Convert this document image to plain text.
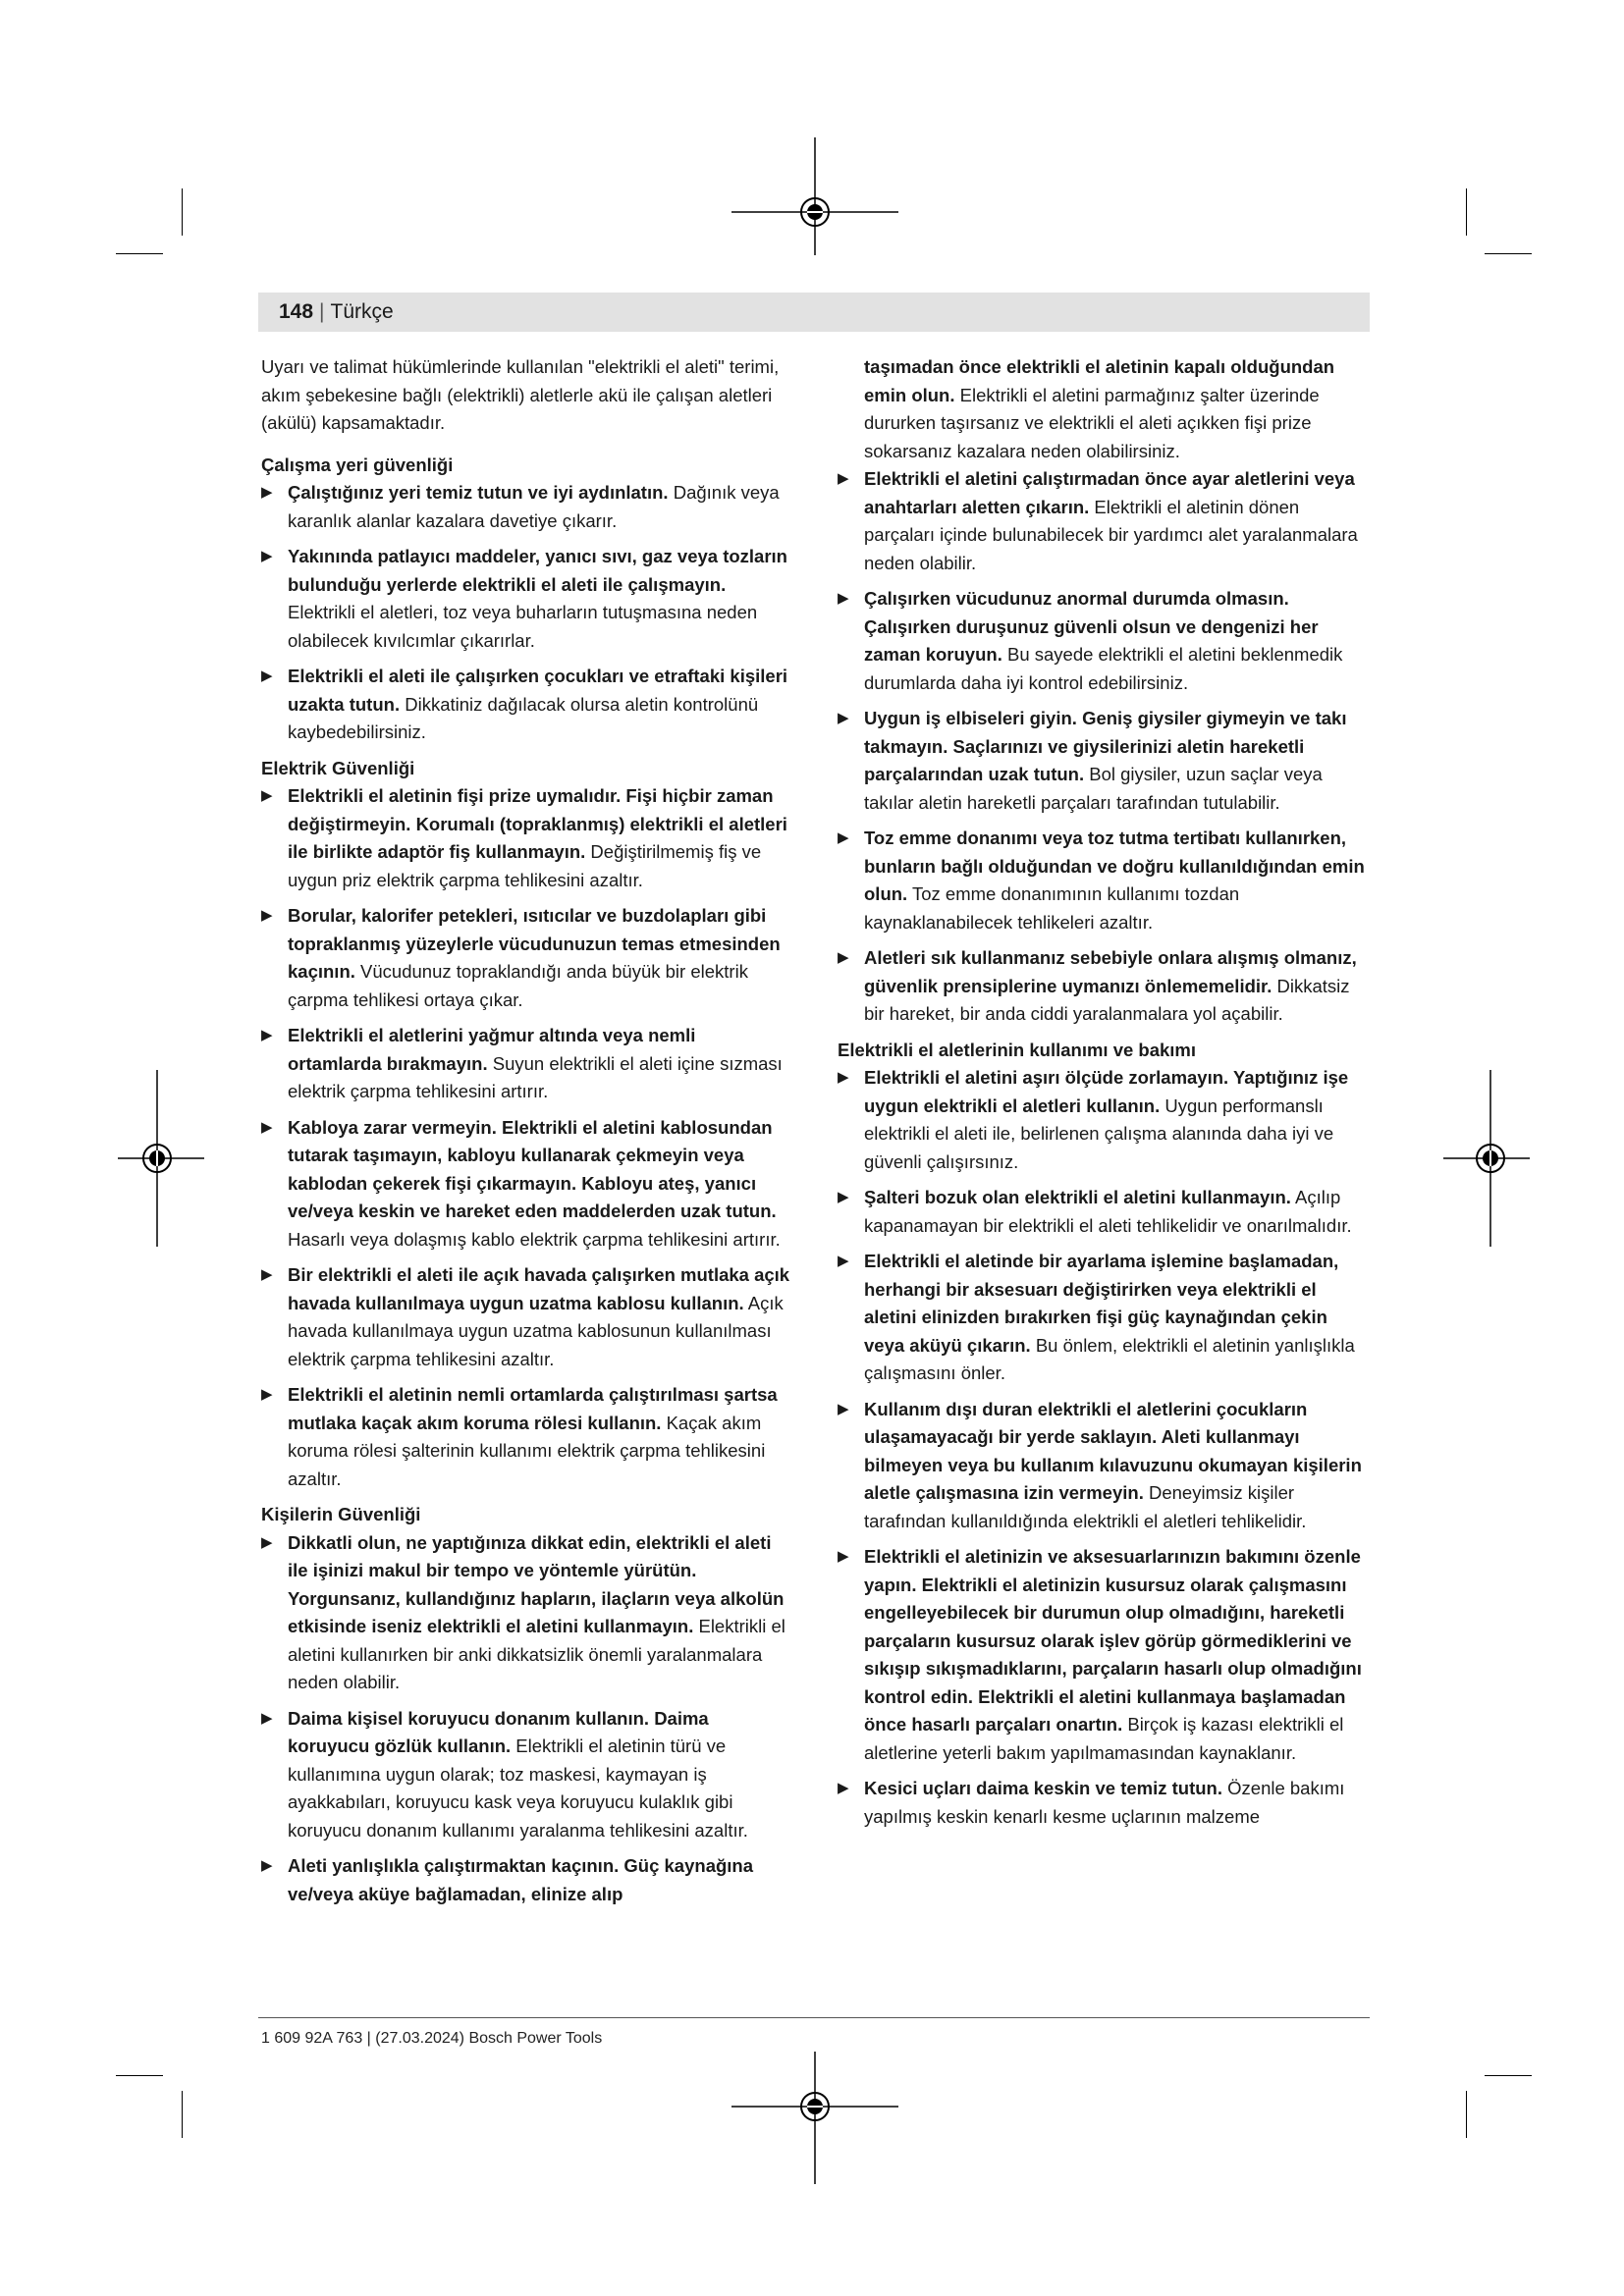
148 | Türkçe

Uyarı ve talimat hükümlerinde kullanılan "elektrikli el aleti" terimi, akım şebekesine bağlı (elektrikli) aletlerle akü ile çalışan aletleri (akülü) kapsamaktadır.

Çalışma yeri güvenliği

▶ Çalıştığınız yeri temiz tutun ve iyi aydınlatın. Dağınık veya karanlık alanlar kazalara davetiye çıkarır.
▶ Yakınında patlayıcı maddeler, yanıcı sıvı, gaz veya tozların bulunduğu yerlerde elektrikli el aleti ile çalışmayın. Elektrikli el aletleri, toz veya buharların tutuşmasına neden olabilecek kıvılcımlar çıkarırlar.
▶ Elektrikli el aleti ile çalışırken çocukları ve etraftaki kişileri uzakta tutun. Dikkatiniz dağılacak olursa aletin kontrolünü kaybedebilirsiniz.

Elektrik Güvenliği

▶ Elektrikli el aletinin fişi prize uymalıdır. Fişi hiçbir zaman değiştirmeyin. Korumalı (topraklanmış) elektrikli el aletleri ile birlikte adaptör fiş kullanmayın. Değiştirilmemiş fiş ve uygun priz elektrik çarpma tehlikesini azaltır.
▶ Borular, kalorifer petekleri, ısıtıcılar ve buzdolapları gibi topraklanmış yüzeylerle vücudunuzun temas etmesinden kaçının. Vücudunuz topraklandığı anda büyük bir elektrik çarpma tehlikesi ortaya çıkar.
▶ Elektrikli el aletlerini yağmur altında veya nemli ortamlarda bırakmayın. Suyun elektrikli el aleti içine sızması elektrik çarpma tehlikesini artırır.
▶ Kabloya zarar vermeyin. Elektrikli el aletini kablosundan tutarak taşımayın, kabloyu kullanarak çekmeyin veya kablodan çekerek fişi çıkarmayın. Kabloyu ateş, yanıcı ve/veya keskin ve hareket eden maddelerden uzak tutun. Hasarlı veya dolaşmış kablo elektrik çarpma tehlikesini artırır.
▶ Bir elektrikli el aleti ile açık havada çalışırken mutlaka açık havada kullanılmaya uygun uzatma kablosu kullanın. Açık havada kullanılmaya uygun uzatma kablosunun kullanılması elektrik çarpma tehlikesini azaltır.
▶ Elektrikli el aletinin nemli ortamlarda çalıştırılması şartsa mutlaka kaçak akım koruma rölesi kullanın. Kaçak akım koruma rölesi şalterinin kullanımı elektrik çarpma tehlikesini azaltır.

Kişilerin Güvenliği

▶ Dikkatli olun, ne yaptığınıza dikkat edin, elektrikli el aleti ile işinizi makul bir tempo ve yöntemle yürütün. Yorgunsanız, kullandığınız hapların, ilaçların veya alkolün etkisinde iseniz elektrikli el aletini kullanmayın. Elektrikli el aletini kullanırken bir anki dikkatsizlik önemli yaralanmalara neden olabilir.
▶ Daima kişisel koruyucu donanım kullanın. Daima koruyucu gözlük kullanın. Elektrikli el aletinin türü ve kullanımına uygun olarak; toz maskesi, kaymayan iş ayakkabıları, koruyucu kask veya koruyucu kulaklık gibi koruyucu donanım kullanımı yaralanma tehlikesini azaltır.
▶ Aleti yanlışlıkla çalıştırmaktan kaçının. Güç kaynağına ve/veya aküye bağlamadan, elinize alıp

taşımadan önce elektrikli el aletinin kapalı olduğundan emin olun. Elektrikli el aletini parmağınız şalter üzerinde dururken taşırsanız ve elektrikli el aleti açıkken fişi prize sokarsanız kazalara neden olabilirsiniz.

▶ Elektrikli el aletini çalıştırmadan önce ayar aletlerini veya anahtarları aletten çıkarın. Elektrikli el aletinin dönen parçaları içinde bulunabilecek bir yardımcı alet yaralanmalara neden olabilir.
▶ Çalışırken vücudunuz anormal durumda olmasın. Çalışırken duruşunuz güvenli olsun ve dengenizi her zaman koruyun. Bu sayede elektrikli el aletini beklenmedik durumlarda daha iyi kontrol edebilirsiniz.
▶ Uygun iş elbiseleri giyin. Geniş giysiler giymeyin ve takı takmayın. Saçlarınızı ve giysilerinizi aletin hareketli parçalarından uzak tutun. Bol giysiler, uzun saçlar veya takılar aletin hareketli parçaları tarafından tutulabilir.
▶ Toz emme donanımı veya toz tutma tertibatı kullanırken, bunların bağlı olduğundan ve doğru kullanıldığından emin olun. Toz emme donanımının kullanımı tozdan kaynaklanabilecek tehlikeleri azaltır.
▶ Aletleri sık kullanmanız sebebiyle onlara alışmış olmanız, güvenlik prensiplerine uymanızı önlememelidir. Dikkatsiz bir hareket, bir anda ciddi yaralanmalara yol açabilir.

Elektrikli el aletlerinin kullanımı ve bakımı

▶ Elektrikli el aletini aşırı ölçüde zorlamayın. Yaptığınız işe uygun elektrikli el aletleri kullanın. Uygun performanslı elektrikli el aleti ile, belirlenen çalışma alanında daha iyi ve güvenli çalışırsınız.
▶ Şalteri bozuk olan elektrikli el aletini kullanmayın. Açılıp kapanamayan bir elektrikli el aleti tehlikelidir ve onarılmalıdır.
▶ Elektrikli el aletinde bir ayarlama işlemine başlamadan, herhangi bir aksesuarı değiştirirken veya elektrikli el aletini elinizden bırakırken fişi güç kaynağından çekin veya aküyü çıkarın. Bu önlem, elektrikli el aletinin yanlışlıkla çalışmasını önler.
▶ Kullanım dışı duran elektrikli el aletlerini çocukların ulaşamayacağı bir yerde saklayın. Aleti kullanmayı bilmeyen veya bu kullanım kılavuzunu okumayan kişilerin aletle çalışmasına izin vermeyin. Deneyimsiz kişiler tarafından kullanıldığında elektrikli el aletleri tehlikelidir.
▶ Elektrikli el aletinizin ve aksesuarlarınızın bakımını özenle yapın. Elektrikli el aletinizin kusursuz olarak çalışmasını engelleyebilecek bir durumun olup olmadığını, hareketli parçaların kusursuz olarak işlev görüp görmediklerini ve sıkışıp sıkışmadıklarını, parçaların hasarlı olup olmadığını kontrol edin. Elektrikli el aletini kullanmaya başlamadan önce hasarlı parçaları onartın. Birçok iş kazası elektrikli el aletlerine yeterli bakım yapılmamasından kaynaklanır.
▶ Kesici uçları daima keskin ve temiz tutun. Özenle bakımı yapılmış keskin kenarlı kesme uçlarının malzeme
1 609 92A 763 | (27.03.2024) Bosch Power Tools
